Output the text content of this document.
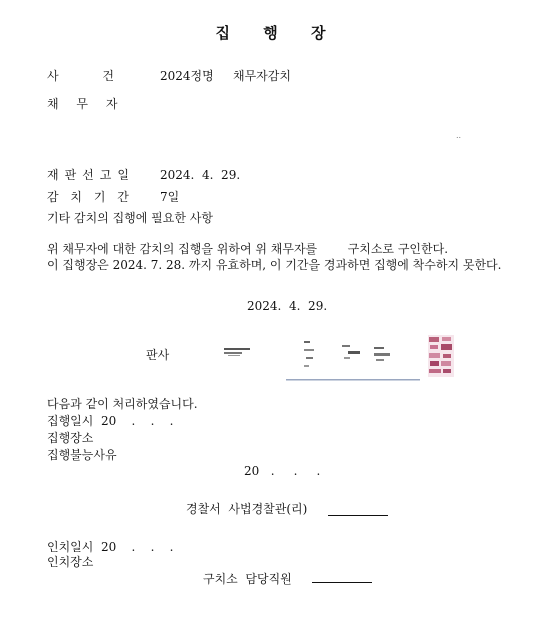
집 행 장
사 건	2024정명 채무자감치
채 무 자
..
재판선고일 2024.  4.  29.
감 치 기 간	7일
기타 감치의 집행에 필요한 사항
위 채무자에 대한 감치의 집행을 위하여 위 채무자를        구치소로 구인한다.
이 집행장은 2024. 7. 28. 까지 유효하며, 이 기간을 경과하면 집행에 착수하지 못한다.
2024.  4.  29.
판사
다음과 같이 처리하였습니다.
집행일시  20    .    .    .
집행장소
집행불능사유
20   .     .     .
경찰서  사법경찰관(리)
인치일시  20    .    .    .
인치장소
구치소  담당직원
